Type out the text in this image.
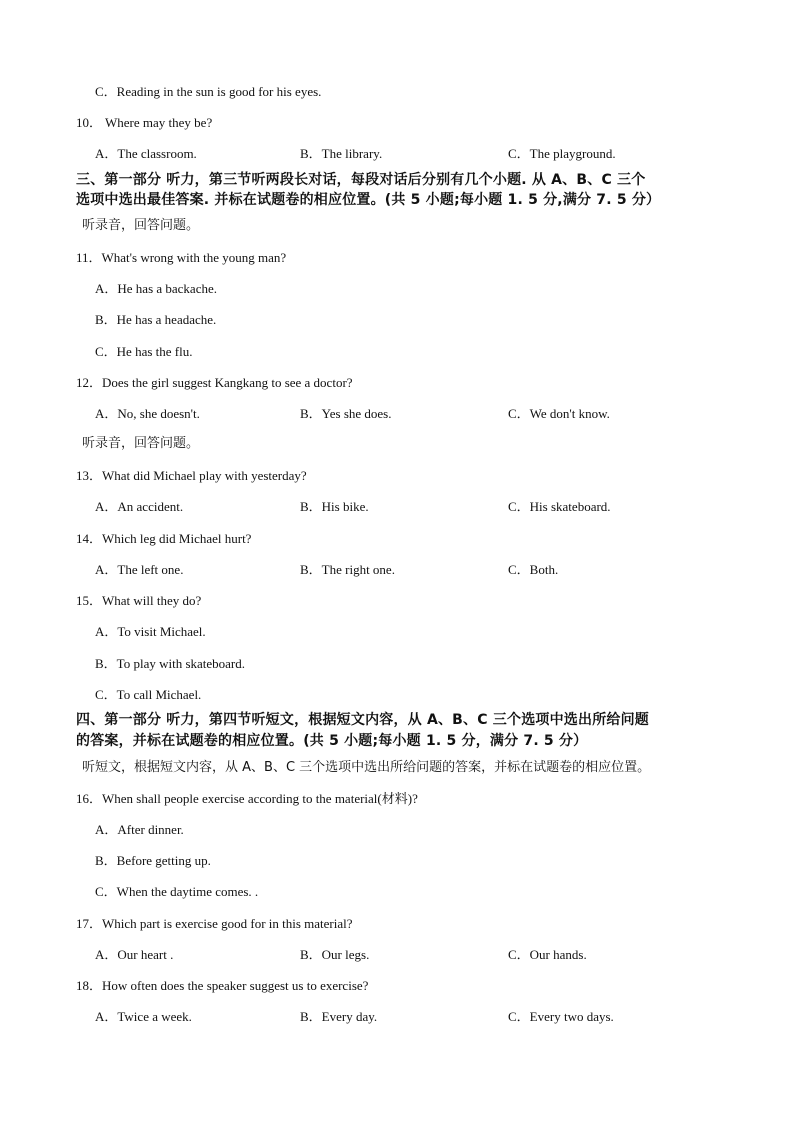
C．Reading in the sun is good for his eyes.
10． Where may they be?
A．The classroom.	B．The library.	C．The playground.
三、第一部分 听力，第三节听两段长对话，每段对话后分别有几个小题. 从 A、B、C 三个
选项中选出最佳答案. 并标在试题卷的相应位置。(共 5 小题;每小题 1. 5 分,满分 7. 5 分）
听录音，回答问题。
11．What's wrong with the young man?
A．He has a backache.
B．He has a headache.
C．He has the flu.
12．Does the girl suggest Kangkang to see a doctor?
A．No, she doesn't.	B．Yes she does.	C．We don't know.
听录音，回答问题。
13．What did Michael play with yesterday?
A．An accident.	B．His bike.	C．His skateboard.
14．Which leg did Michael hurt?
A．The left one.	B．The right one.	C．Both.
15．What will they do?
A．To visit Michael.
B．To play with skateboard.
C．To call Michael.
四、第一部分 听力，第四节听短文，根据短文内容，从 A、B、C 三个选项中选出所给问题
的答案，并标在试题卷的相应位置。(共 5 小题;每小题 1. 5 分，满分 7. 5 分）
听短文，根据短文内容，从 A、B、C 三个选项中选出所给问题的答案，并标在试题卷的相应位置。
16．When shall people exercise according to the material(材料)?
A．After dinner.
B．Before getting up.
C．When the daytime comes. .
17．Which part is exercise good for in this material?
A．Our heart .	B．Our legs.	C．Our hands.
18．How often does the speaker suggest us to exercise?
A．Twice a week.	B．Every day.	C．Every two days.
